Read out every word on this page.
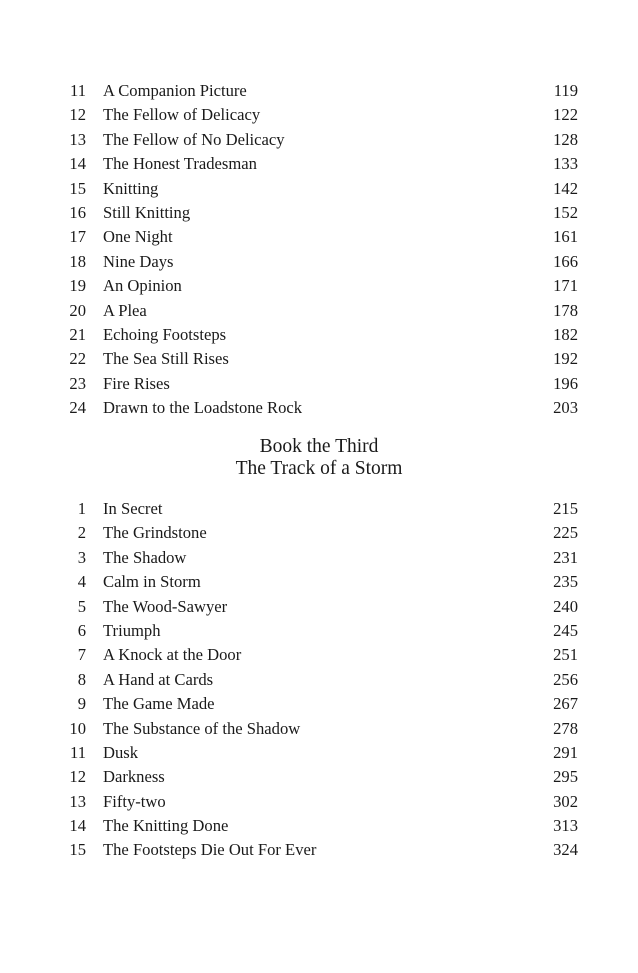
11 A Companion Picture	119
12 The Fellow of Delicacy	122
13 The Fellow of No Delicacy	128
14 The Honest Tradesman	133
15 Knitting	142
16 Still Knitting	152
17 One Night	161
18 Nine Days	166
19 An Opinion	171
20 A Plea	178
21 Echoing Footsteps	182
22 The Sea Still Rises	192
23 Fire Rises	196
24 Drawn to the Loadstone Rock	203
Book the Third
The Track of a Storm
1 In Secret	215
2 The Grindstone	225
3 The Shadow	231
4 Calm in Storm	235
5 The Wood-Sawyer	240
6 Triumph	245
7 A Knock at the Door	251
8 A Hand at Cards	256
9 The Game Made	267
10 The Substance of the Shadow	278
11 Dusk	291
12 Darkness	295
13 Fifty-two	302
14 The Knitting Done	313
15 The Footsteps Die Out For Ever	324
